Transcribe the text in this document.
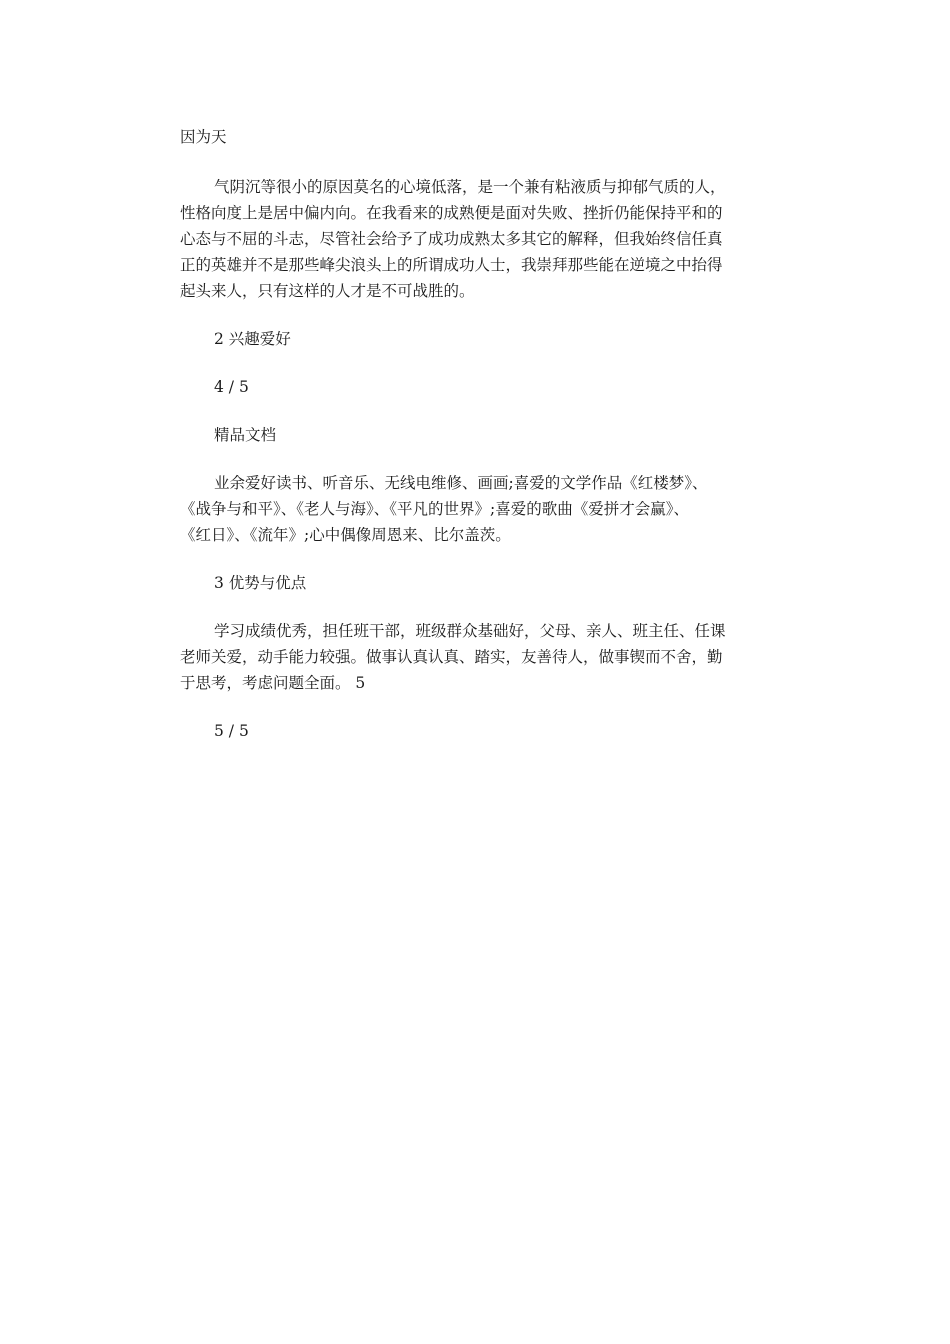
因为天

气阴沉等很小的原因莫名的心境低落，是一个兼有粘液质与抑郁气质的人，
性格向度上是居中偏内向。在我看来的成熟便是面对失败、挫折仍能保持平和的
心态与不屈的斗志，尽管社会给予了成功成熟太多其它的解释，但我始终信任真
正的英雄并不是那些峰尖浪头上的所谓成功人士，我崇拜那些能在逆境之中抬得
起头来人，只有这样的人才是不可战胜的。

2 兴趣爱好

4 / 5

精品文档

业余爱好读书、听音乐、无线电维修、画画;喜爱的文学作品《红楼梦》、
《战争与和平》、《老人与海》、《平凡的世界》;喜爱的歌曲《爱拼才会赢》、
《红日》、《流年》;心中偶像周恩来、比尔盖茨。

3 优势与优点

学习成绩优秀，担任班干部，班级群众基础好，父母、亲人、班主任、任课
老师关爱，动手能力较强。做事认真认真、踏实，友善待人，做事锲而不舍，勤
于思考，考虑问题全面。 5

5 / 5
